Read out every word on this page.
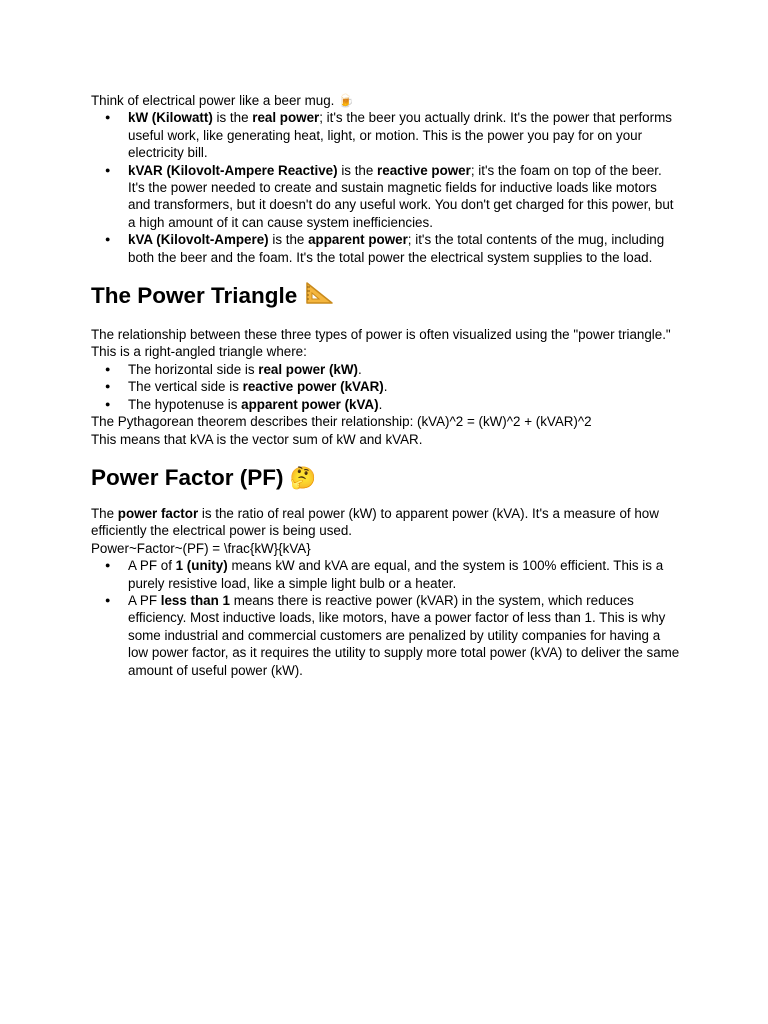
Think of electrical power like a beer mug. 🍺

● kW (Kilowatt) is the real power; it's the beer you actually drink. It's the power that performs useful work, like generating heat, light, or motion. This is the power you pay for on your electricity bill.
● kVAR (Kilovolt-Ampere Reactive) is the reactive power; it's the foam on top of the beer. It's the power needed to create and sustain magnetic fields for inductive loads like motors and transformers, but it doesn't do any useful work. You don't get charged for this power, but a high amount of it can cause system inefficiencies.
● kVA (Kilovolt-Ampere) is the apparent power; it's the total contents of the mug, including both the beer and the foam. It's the total power the electrical system supplies to the load.
The Power Triangle

The relationship between these three types of power is often visualized using the "power triangle." This is a right-angled triangle where:

● The horizontal side is real power (kW).
● The vertical side is reactive power (kVAR).
● The hypotenuse is apparent power (kVA).

The Pythagorean theorem describes their relationship: (kVA)^2 = (kW)^2 + (kVAR)^2

This means that kVA is the vector sum of kW and kVAR.

Power Factor (PF) 🤔

The power factor is the ratio of real power (kW) to apparent power (kVA). It's a measure of how efficiently the electrical power is being used.

Power~Factor~(PF) = \frac{kW}{kVA}

● A PF of 1 (unity) means kW and kVA are equal, and the system is 100% efficient. This is a purely resistive load, like a simple light bulb or a heater.
● A PF less than 1 means there is reactive power (kVAR) in the system, which reduces efficiency. Most inductive loads, like motors, have a power factor of less than 1. This is why some industrial and commercial customers are penalized by utility companies for having a low power factor, as it requires the utility to supply more total power (kVA) to deliver the same amount of useful power (kW).
